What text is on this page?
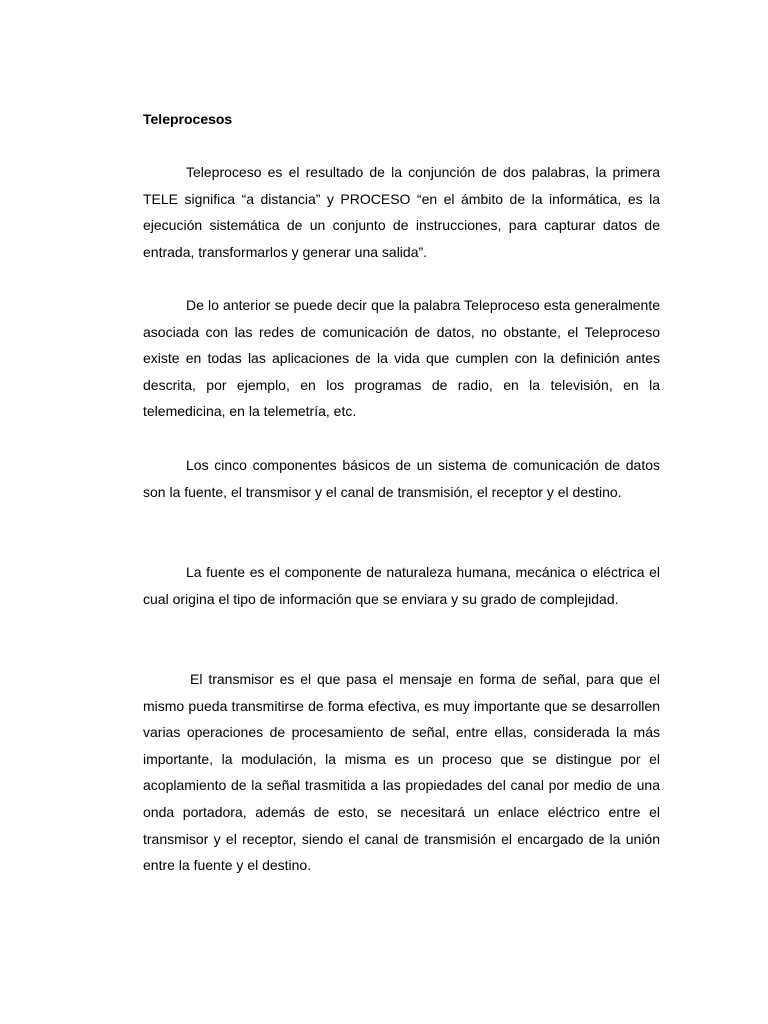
Teleprocesos

Teleproceso es el resultado de la conjunción de dos palabras, la primera TELE significa “a distancia” y PROCESO “en el ámbito de la informática, es la ejecución sistemática de un conjunto de instrucciones, para capturar datos de entrada, transformarlos y generar una salida”.

De lo anterior se puede decir que la palabra Teleproceso esta generalmente asociada con las redes de comunicación de datos, no obstante, el Teleproceso existe en todas las aplicaciones de la vida que cumplen con la definición antes descrita, por ejemplo, en los programas de radio, en la televisión, en la telemedicina, en la telemetría, etc.

Los cinco componentes básicos de un sistema de comunicación de datos son la fuente, el transmisor y el canal de transmisión, el receptor y el destino.

La fuente es el componente de naturaleza humana, mecánica o eléctrica el cual origina el tipo de información que se enviara y su grado de complejidad.

El transmisor es el que pasa el mensaje en forma de señal, para que el mismo pueda transmitirse de forma efectiva, es muy importante que se desarrollen varias operaciones de procesamiento de señal, entre ellas, considerada la más importante, la modulación, la misma es un proceso que se distingue por el acoplamiento de la señal trasmitida a las propiedades del canal por medio de una onda portadora, además de esto, se necesitará un enlace eléctrico entre el transmisor y el receptor, siendo el canal de transmisión el encargado de la unión entre la fuente y el destino.
